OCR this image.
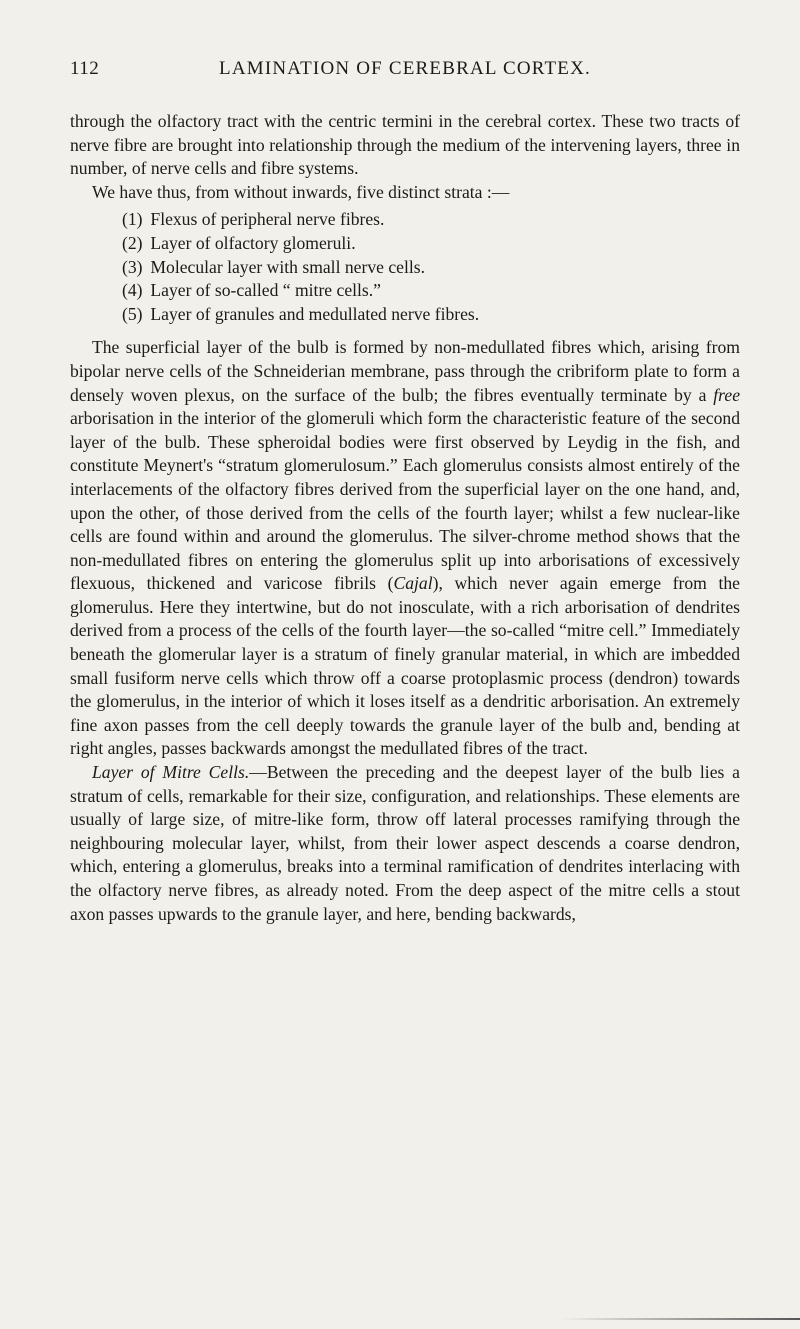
112	LAMINATION OF CEREBRAL CORTEX.

through the olfactory tract with the centric termini in the cerebral cortex. These two tracts of nerve fibre are brought into relationship through the medium of the intervening layers, three in number, of nerve cells and fibre systems.

We have thus, from without inwards, five distinct strata :—

(1) Flexus of peripheral nerve fibres.
(2) Layer of olfactory glomeruli.
(3) Molecular layer with small nerve cells.
(4) Layer of so-called “ mitre cells.”
(5) Layer of granules and medullated nerve fibres.

The superficial layer of the bulb is formed by non-medullated fibres which, arising from bipolar nerve cells of the Schneiderian membrane, pass through the cribriform plate to form a densely woven plexus, on the surface of the bulb; the fibres eventually terminate by a free arborisation in the interior of the glomeruli which form the characteristic feature of the second layer of the bulb. These spheroidal bodies were first observed by Leydig in the fish, and constitute Meynert's “stratum glomerulosum.” Each glomerulus consists almost entirely of the interlacements of the olfactory fibres derived from the superficial layer on the one hand, and, upon the other, of those derived from the cells of the fourth layer; whilst a few nuclear-like cells are found within and around the glomerulus. The silver-chrome method shows that the non-medullated fibres on entering the glomerulus split up into arborisations of excessively flexuous, thickened and varicose fibrils (Cajal), which never again emerge from the glomerulus. Here they intertwine, but do not inosculate, with a rich arborisation of dendrites derived from a process of the cells of the fourth layer—the so-called “mitre cell.” Immediately beneath the glomerular layer is a stratum of finely granular material, in which are imbedded small fusiform nerve cells which throw off a coarse protoplasmic process (dendron) towards the glomerulus, in the interior of which it loses itself as a dendritic arborisation. An extremely fine axon passes from the cell deeply towards the granule layer of the bulb and, bending at right angles, passes backwards amongst the medullated fibres of the tract.

Layer of Mitre Cells.—Between the preceding and the deepest layer of the bulb lies a stratum of cells, remarkable for their size, configuration, and relationships. These elements are usually of large size, of mitre-like form, throw off lateral processes ramifying through the neighbouring molecular layer, whilst, from their lower aspect descends a coarse dendron, which, entering a glomerulus, breaks into a terminal ramification of dendrites interlacing with the olfactory nerve fibres, as already noted. From the deep aspect of the mitre cells a stout axon passes upwards to the granule layer, and here, bending backwards,
